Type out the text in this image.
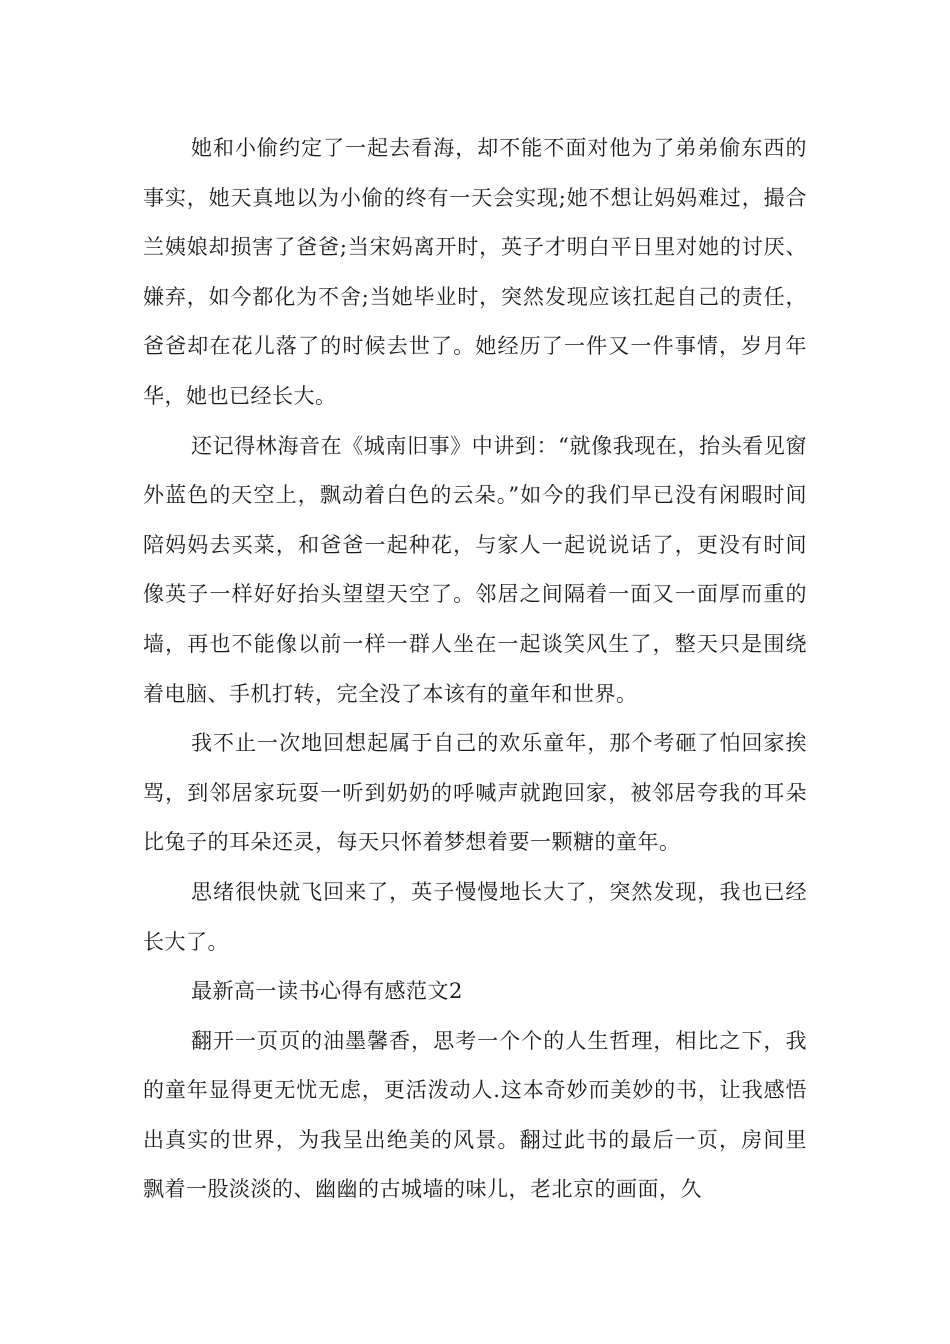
她和小偷约定了一起去看海，却不能不面对他为了弟弟偷东西的事实，她天真地以为小偷的终有一天会实现;她不想让妈妈难过，撮合兰姨娘却损害了爸爸;当宋妈离开时，英子才明白平日里对她的讨厌、嫌弃，如今都化为不舍;当她毕业时，突然发现应该扛起自己的责任，爸爸却在花儿落了的时候去世了。她经历了一件又一件事情，岁月年华，她也已经长大。

还记得林海音在《城南旧事》中讲到：“就像我现在，抬头看见窗外蓝色的天空上，飘动着白色的云朵。”如今的我们早已没有闲暇时间陪妈妈去买菜，和爸爸一起种花，与家人一起说说话了，更没有时间像英子一样好好抬头望望天空了。邻居之间隔着一面又一面厚而重的墙，再也不能像以前一样一群人坐在一起谈笑风生了，整天只是围绕着电脑、手机打转，完全没了本该有的童年和世界。

我不止一次地回想起属于自己的欢乐童年，那个考砸了怕回家挨骂，到邻居家玩耍一听到奶奶的呼喊声就跑回家，被邻居夸我的耳朵比兔子的耳朵还灵，每天只怀着梦想着要一颗糖的童年。

思绪很快就飞回来了，英子慢慢地长大了，突然发现，我也已经长大了。

最新高一读书心得有感范文2

翻开一页页的油墨馨香，思考一个个的人生哲理，相比之下，我的童年显得更无忧无虑，更活泼动人.这本奇妙而美妙的书，让我感悟出真实的世界，为我呈出绝美的风景。翻过此书的最后一页，房间里飘着一股淡淡的、幽幽的古城墙的味儿，老北京的画面，久
